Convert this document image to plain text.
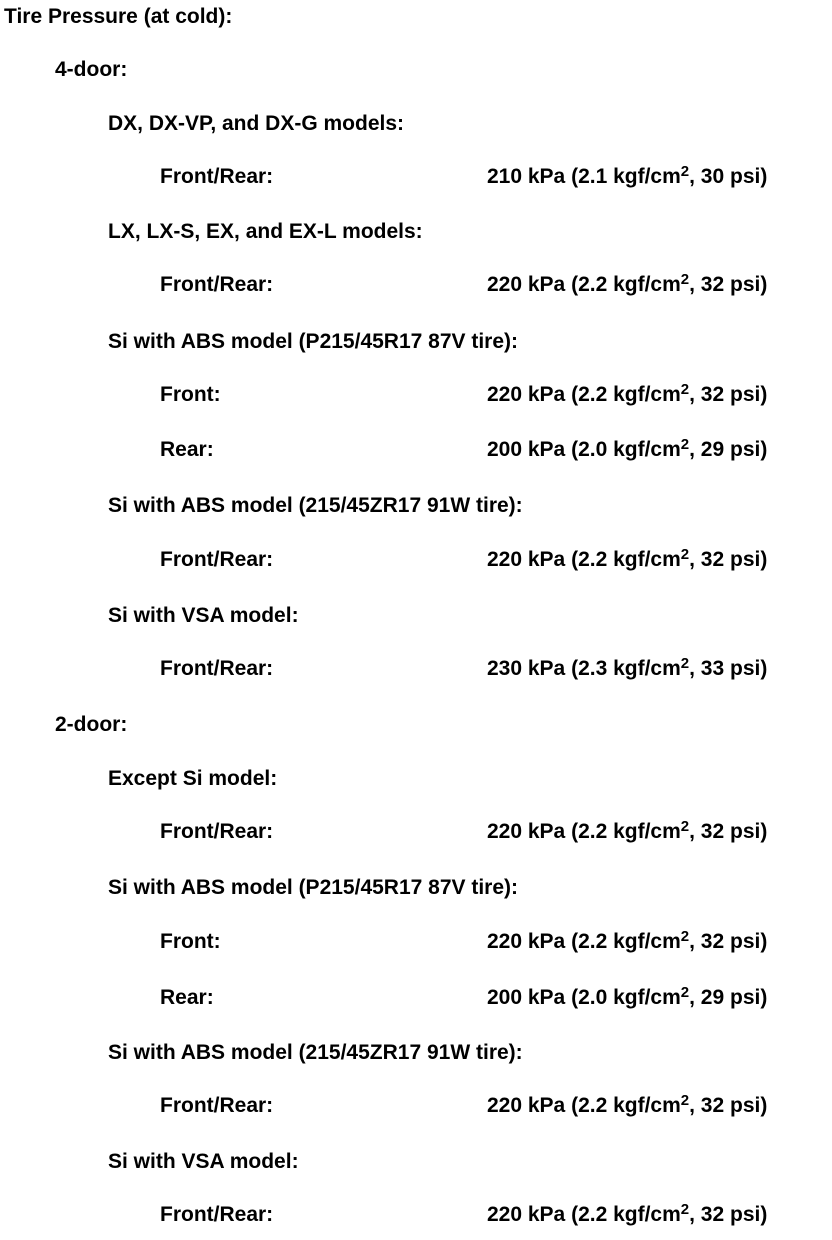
Tire Pressure (at cold):
4-door:
DX, DX-VP, and DX-G models:
Front/Rear:	210 kPa (2.1 kgf/$cm^2$, 30 psi)
LX, LX-S, EX, and EX-L models:
Front/Rear:	220 kPa (2.2 kgf/$cm^2$, 32 psi)
Si with ABS model (P215/45R17 87V tire):
Front:	220 kPa (2.2 kgf/$cm^2$, 32 psi)
Rear:	200 kPa (2.0 kgf/$cm^2$, 29 psi)
Si with ABS model (215/45ZR17 91W tire):
Front/Rear:	220 kPa (2.2 kgf/$cm^2$, 32 psi)
Si with VSA model:
Front/Rear:	230 kPa (2.3 kgf/$cm^2$, 33 psi)
2-door:
Except Si model:
Front/Rear:	220 kPa (2.2 kgf/$cm^2$, 32 psi)
Si with ABS model (P215/45R17 87V tire):
Front:	220 kPa (2.2 kgf/$cm^2$, 32 psi)
Rear:	200 kPa (2.0 kgf/$cm^2$, 29 psi)
Si with ABS model (215/45ZR17 91W tire):
Front/Rear:	220 kPa (2.2 kgf/$cm^2$, 32 psi)
Si with VSA model:
Front/Rear:	220 kPa (2.2 kgf/$cm^2$, 32 psi)
